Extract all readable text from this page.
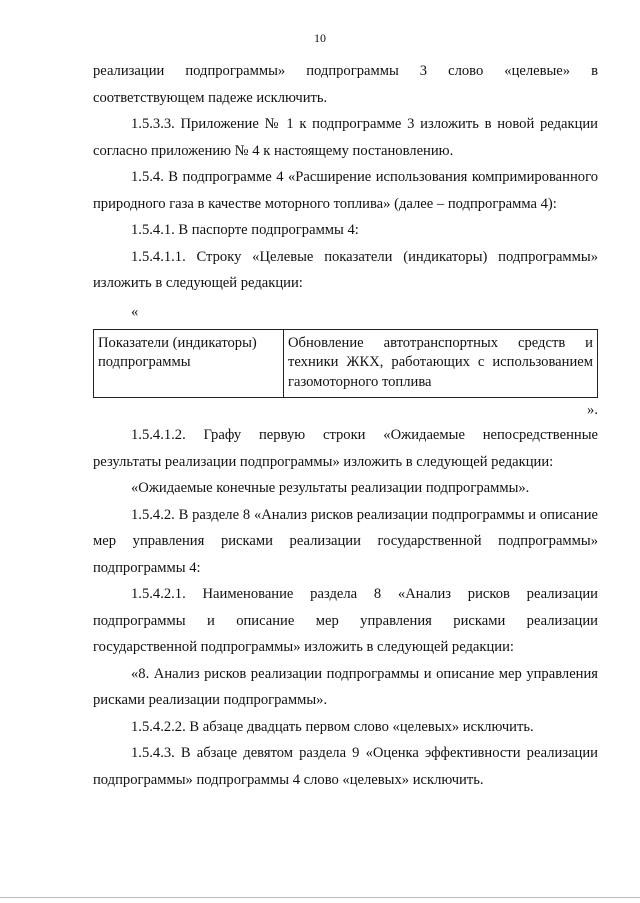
10

реализации подпрограммы» подпрограммы 3 слово «целевые» в соответствующем падеже исключить.

1.5.3.3. Приложение № 1 к подпрограмме 3 изложить в новой редакции согласно приложению № 4 к настоящему постановлению.

1.5.4. В подпрограмме 4 «Расширение использования компримированного природного газа в качестве моторного топлива» (далее – подпрограмма 4):

1.5.4.1. В паспорте подпрограммы 4:

1.5.4.1.1. Строку «Целевые показатели (индикаторы) подпрограммы» изложить в следующей редакции:

«

Показатели (индикаторы) подпрограммы	Обновление автотранспортных средств и техники ЖКХ, работающих с использованием газомоторного топлива

».

1.5.4.1.2. Графу первую строки «Ожидаемые непосредственные результаты реализации подпрограммы» изложить в следующей редакции:

«Ожидаемые конечные результаты реализации подпрограммы».

1.5.4.2. В разделе 8 «Анализ рисков реализации подпрограммы и описание мер управления рисками реализации государственной подпрограммы» подпрограммы 4:

1.5.4.2.1. Наименование раздела 8 «Анализ рисков реализации подпрограммы и описание мер управления рисками реализации государственной подпрограммы» изложить в следующей редакции:

«8. Анализ рисков реализации подпрограммы и описание мер управления рисками реализации подпрограммы».

1.5.4.2.2. В абзаце двадцать первом слово «целевых» исключить.

1.5.4.3. В абзаце девятом раздела 9 «Оценка эффективности реализации подпрограммы» подпрограммы 4 слово «целевых» исключить.
